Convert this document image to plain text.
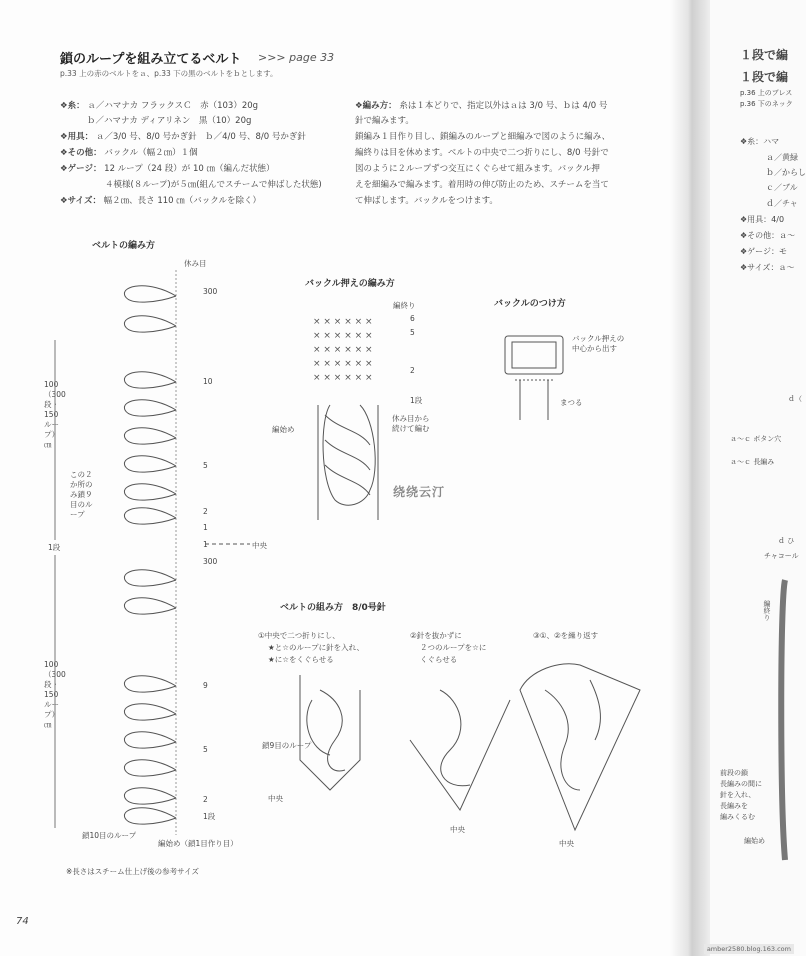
鎖のループを組み立てるベルト >>> page 33
p.33 上の赤のベルトをａ、p.33 下の黒のベルトをｂとします。
❖糸： ａ／ハマナカ フラックスＣ　赤（103）20g
ｂ／ハマナカ ディアリネン　黒（10）20g
❖用具： ａ／3/0 号、8/0 号かぎ針　ｂ／4/0 号、8/0 号かぎ針
❖その他： バックル（幅２㎝）１個
❖ゲージ： 12 ループ（24 段）が 10 ㎝（編んだ状態）
４模様(８ループ)が５㎝(組んでスチームで伸ばした状態)
❖サイズ： 幅２㎝、長さ 110 ㎝（バックルを除く）
❖編み方： 糸は１本どりで、指定以外はａは 3/0 号、ｂは 4/0 号
針で編みます。
鎖編み１目作り目し、鎖編みのループと細編みで図のように編み、
編終りは目を休めます。ベルトの中央で二つ折りにし、8/0 号針で
図のように２ループずつ交互にくぐらせて組みます。バックル押
えを細編みで編みます。着用時の伸び防止のため、スチームを当て
て伸ばします。バックルをつけます。
ベルトの編み方
休み目
300
10
5
2
1
1	中央
300
9
5
2
1段
1段
100（300段・150ループ）㎝
100（300段・150ループ）㎝
この２か所のみ鎖９目のループ
鎖10目のループ
編始め（鎖1目作り目）
※長さはスチーム仕上げ後の参考サイズ
バックル押えの編み方
編終り
6
5
2
1段
編始め
休み目から続けて編む
バックルのつけ方
バックル押えの中心から出す
まつる
ベルトの組み方　8/0号針
①中央で二つ折りにし、
★と☆のループに針を入れ、
★に☆をくぐらせる
②針を抜かずに
２つのループを☆に
くぐらせる
③①、②を繰り返す
鎖9目のループ
中央
中央
中央
绕绕云汀
74
× × × × × ×
× × × × × ×
× × × × × ×
× × × × × ×
× × × × × ×
１段で編
１段で編
p.36 上のブレス
p.36 下のネック
❖糸：ハマ
ａ／黄緑
ｂ／からし
ｃ／ブル
ｄ／チャ
❖用具：4/0
❖その他：ａ～
❖ゲージ：モ
❖サイズ：ａ～
ｄ（
ａ～ｃ ボタン穴
ａ～ｃ 長編み
ｄ ひ
チャコール
編終り
前段の鎖
長編みの間に
針を入れ、
長編みを
編みくるむ
編始め
amber2580.blog.163.com
